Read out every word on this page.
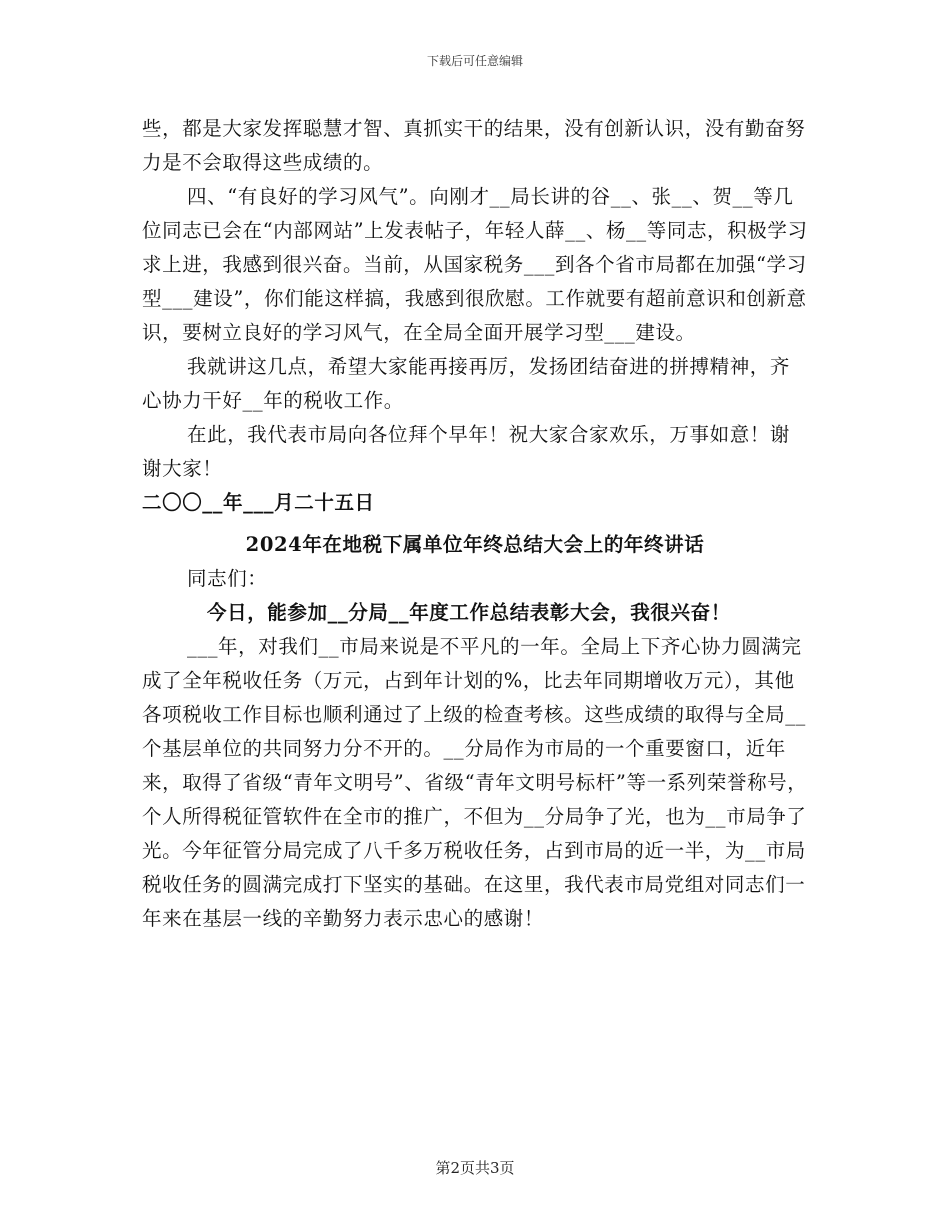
下载后可任意编辑

些，都是大家发挥聪慧才智、真抓实干的结果，没有创新认识，没有勤奋努力是不会取得这些成绩的。

四、“有良好的学习风气”。向刚才__局长讲的谷__、张__、贺__等几位同志已会在“内部网站”上发表帖子，年轻人薛__、杨__等同志，积极学习求上进，我感到很兴奋。当前，从国家税务___到各个省市局都在加强“学习型___建设”，你们能这样搞，我感到很欣慰。工作就要有超前意识和创新意识，要树立良好的学习风气，在全局全面开展学习型___建设。

我就讲这几点，希望大家能再接再厉，发扬团结奋进的拼搏精神，齐心协力干好__年的税收工作。

在此，我代表市局向各位拜个早年！祝大家合家欢乐，万事如意！谢谢大家！

二〇〇__年___月二十五日

2024年在地税下属单位年终总结大会上的年终讲话

同志们：

今日，能参加__分局__年度工作总结表彰大会，我很兴奋！

___年，对我们__市局来说是不平凡的一年。全局上下齐心协力圆满完成了全年税收任务（万元，占到年计划的%，比去年同期增收万元），其他各项税收工作目标也顺利通过了上级的检查考核。这些成绩的取得与全局__个基层单位的共同努力分不开的。__分局作为市局的一个重要窗口，近年来，取得了省级“青年文明号”、省级“青年文明号标杆”等一系列荣誉称号，个人所得税征管软件在全市的推广，不但为__分局争了光，也为__市局争了光。今年征管分局完成了八千多万税收任务，占到市局的近一半，为__市局税收任务的圆满完成打下坚实的基础。在这里，我代表市局党组对同志们一年来在基层一线的辛勤努力表示忠心的感谢！

第2页共3页
